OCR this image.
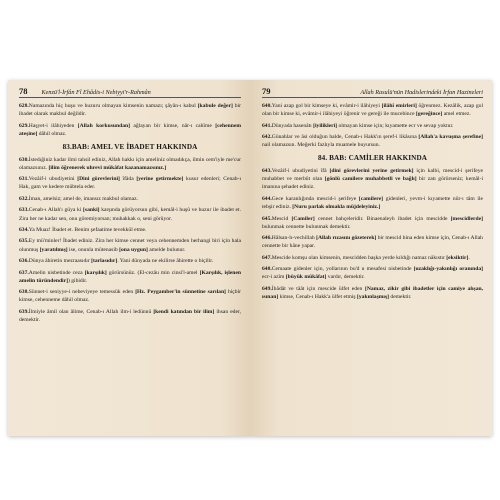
78 Kenzü'l-İrfân Fî Ehâdis-i Nebiyyi'r-Rahmân

628.Namazında hiç huşu ve huzuru olmayan kimsenin namazı; şâyân-ı kabul [kabule değer] bir ibadet olarak makbul değildir.

629.Haşyet-i ilâhiyeden [Allah korkusundan] ağlayan bir kimse, nâr-ı cahîme [cehennem ateşine] dâhil olmaz.

83.BAB: AMEL VE İBADET HAKKINDA

630.İstedığiniz kadar ilmi tahsil ediniz, Allah hakkı için ameliniz olmadıkça, ilmin cem'iyle me'cur olamazsınız. [ilim öğrenerek uhrevi mükâfat kazanamazsınız.]

631.Vezâif-i ubudiyetini [Dini görevlerini] îfâda [yerine getirmekte] kusur edenleri; Cenab-ı Hak, gam ve kedere mübtela eder.

632.İman, amelsiz; amel de, imansız makbul olamaz.

633.Cenab-ı Allah'ı güya ki [sanki] karşında görüyorsun gibi, kemâl-i huşû ve huzur ile ibadet et. Zira her ne kadar sen, onu göremiyorsan; muhakkak o, seni görüyor.

634.Ya Muaz! İbadet et. Benim şefaatime tevekkül etme.

635.Ey mü'minler! İbadet ediniz. Zira her kimse cennet veya cehennemden herhangi biri için hala olunmuş [yaratılmış] ise, onunla mütenasib [ona uygun] amelde bulunur.

636.Dünya âhiretin mezraasıdır [tarlasıdır]. Yani dünyada ne ekilirse âhirette o biçilir.

637.Amelin nisbetinde ceza [karşılık] görürsünüz. (El-cezâu min cinsi'l-amel [Karşılık, işlenen amelin türündendir]) gibidir.

638.Sünnet-i seniyye-i nebeviyeye temessük eden [Hz. Peygamber'in sünnetine sarılan] hiçbir kimse, cehenneme dâhil olmaz.

639.İlmiyle âmil olan âlime, Cenab-ı Allah ilm-i ledünnü [kendi katından bir ilim] ihsan eder, demektir.

79	Allah Rasulü'nün Hadislerindeki İrfan Hazineleri

640.Yani azap gol bir kimseye ki, evâmir-i ilâhiyeyi [ilâhî emirleri] öğrenmez. Kezâlik, azap gol olan bir kimse ki, evâmir-i ilâhiyeyi öğrenir ve gereği ile mucebince [gereğince] amel etmez.

641.Dünyada hasenâtı [iyilikleri] olmayan kimse için; kıyamette ecr ve sevap yoktur.

642.Günahlar ve âsi olduğun halde, Cenab-ı Hakk'ın şeref-i likâsına [Allah'a kavuşma şerefine] nail olamazsın. Meğerki fazlıyla muamele buyursun.

84. BAB: CAMİLER HAKKINDA

643.Vezâif-i ubudiyetini îfâ [dini görevlerini yerine getirmek] için kalbi, mescid-i şerifeye muhabbet ve merbût olan [gönlü camilere muhabbetli ve bağlı] bir zatı görürseniz; kemâl-i imanına şehadet ediniz.

644.Gece karanlığında mescid-i şerifeye [camilere] gidenleri, yevm-i kıyamette nûr-ı tâm ile tebşir ediniz. [Nuru parlak olmakla müjdeleyiniz.]

645.Mescid [Camiler] cennet bahçeleridir. Binaenaleyh ibadet için mescidde [mescidlerde] bulunmak cennette bulunmak demektir.

646.Hâlsan-lı-vechillah [Allah rızasını gözeterek] bir mescid bina eden kimse için, Cenab-ı Allah cennette bir hâne yapar.

647.Mescide komşu olan kimsenin, mescidden başka yerde kıldığı namaz nâkıstır [eksiktir].

648.Cemaate gidenler için, yollarının bu'd u mesafesi nisbetinde [uzaklığı-yakınlığı oranında] ecr-i azîm [büyük mükâfat] vardır, demektir.

649.İbâdât ve tâât için mescide ülfet eden [Namaz, zikir gibi ibadetler için camiye alışan, ısınan] kimse, Cenab-ı Hakk'a ülfet etmiş [yakınlaşmış] demektir.
